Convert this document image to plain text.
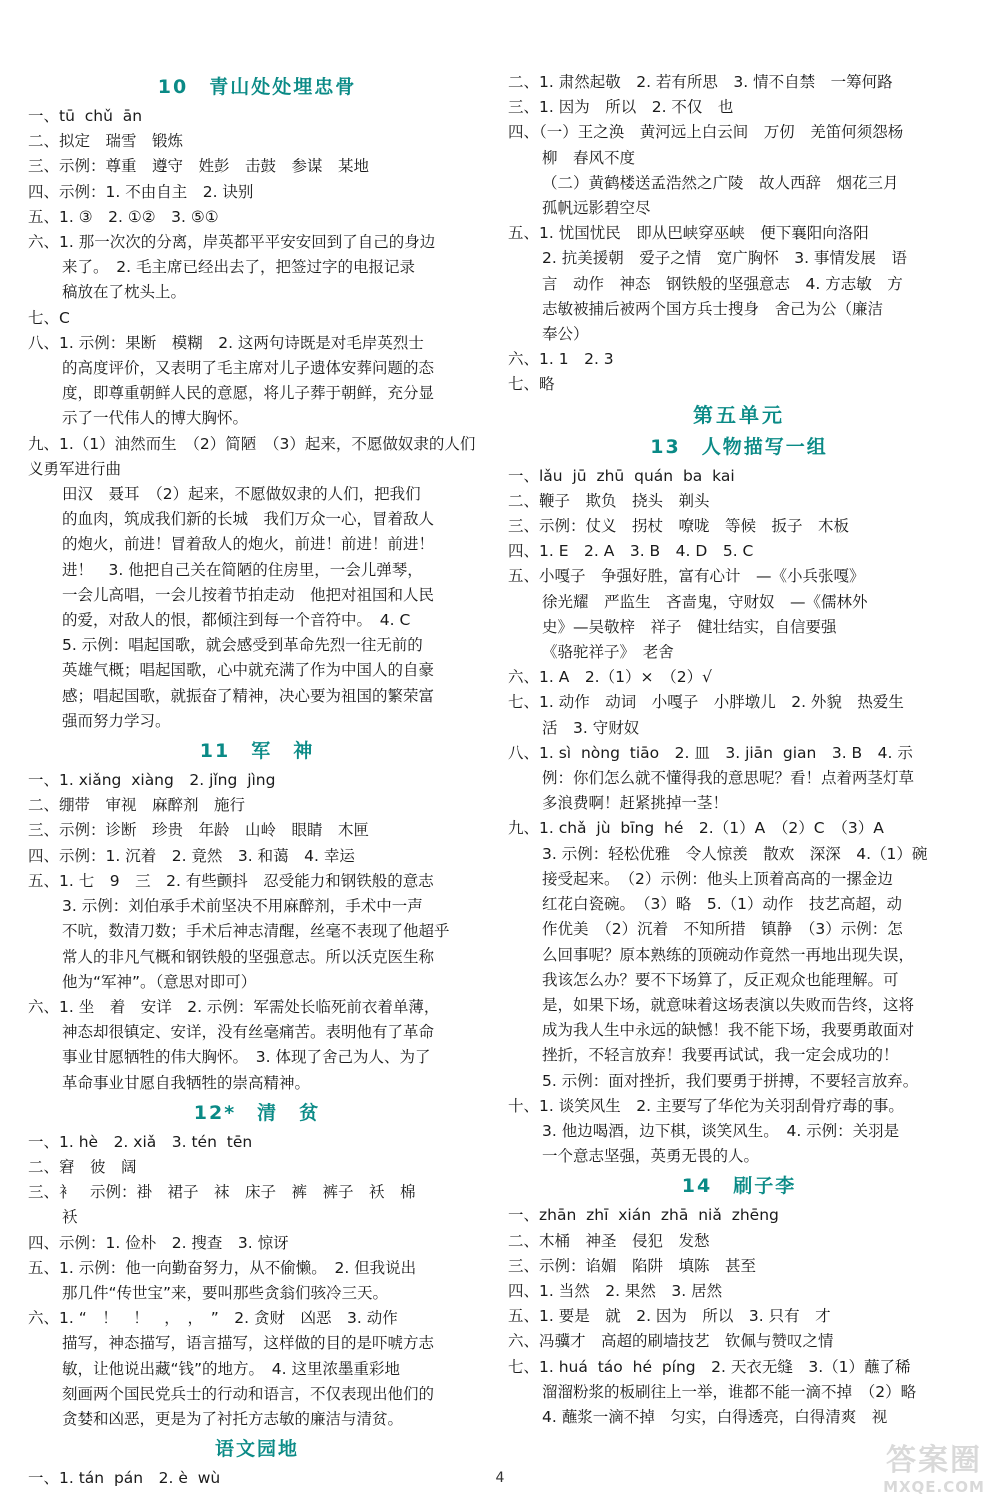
10　青山处处埋忠骨
一、tū  chǔ  ān
二、拟定　瑞雪　锻炼
三、示例：尊重　遵守　姓彭　击鼓　参谋　某地
四、示例：1. 不由自主　2. 诀别
五、1. ③　2. ①②　3. ⑤①
六、1. 那一次次的分离，岸英都平平安安回到了自己的身边
来了。　2. 毛主席已经出去了，把签过字的电报记录
稿放在了枕头上。
七、C
八、1. 示例：果断　模糊　2. 这两句诗既是对毛岸英烈士
的高度评价，又表明了毛主席对儿子遗体安葬问题的态
度，即尊重朝鲜人民的意愿，将儿子葬于朝鲜，充分显
示了一代伟人的博大胸怀。
九、1.（1）油然而生　（2）简陋　（3）起来，不愿做奴隶的人们　义勇军进行曲
田汉　聂耳　（2）起来，不愿做奴隶的人们，把我们
的血肉，筑成我们新的长城　我们万众一心，冒着敌人
的炮火，前进！冒着敌人的炮火，前进！前进！前进！
进！　3. 他把自己关在简陋的住房里，一会儿弹琴，
一会儿高唱，一会儿按着节拍走动　他把对祖国和人民
的爱，对敌人的恨，都倾注到每一个音符中。　4. C
5. 示例：唱起国歌，就会感受到革命先烈一往无前的
英雄气概；唱起国歌，心中就充满了作为中国人的自豪
感；唱起国歌，就振奋了精神，决心要为祖国的繁荣富
强而努力学习。
11　军　神
一、1. xiǎng  xiàng　2. jǐng  jìng
二、绷带　审视　麻醉剂　施行
三、示例：诊断　珍贵　年龄　山岭　眼睛　木匣
四、示例：1. 沉着　2. 竟然　3. 和蔼　4. 幸运
五、1. 七　9　三　2. 有些颤抖　忍受能力和钢铁般的意志
3. 示例：刘伯承手术前坚决不用麻醉剂，手术中一声
不吭，数清刀数；手术后神志清醒，丝毫不表现了他超乎
常人的非凡气概和钢铁般的坚强意志。所以沃克医生称
他为“军神”。（意思对即可）
六、1. 坐　着　安详　2. 示例：军需处长临死前衣着单薄，
神态却很镇定、安详，没有丝毫痛苦。表明他有了革命
事业甘愿牺牲的伟大胸怀。　3. 体现了舍己为人、为了
革命事业甘愿自我牺牲的崇高精神。
12*　清　贫
一、1. hè　2. xiǎ　3. tén  tēn
二、窘　彼　阔
三、衤　示例：褂　裙子　袜　床子　裤　裤子　袄　棉
袄
四、示例：1. 俭朴　2. 搜查　3. 惊讶
五、1. 示例：他一向勤奋努力，从不偷懒。　2. 但我说出
那几件“传世宝”来，要叫那些贪翁们骇冷三天。
六、1. “　！　！　，　，　”　2. 贪财　凶恶　3. 动作
描写，神态描写，语言描写，这样做的目的是吓唬方志
敏，让他说出藏“钱”的地方。　4. 这里浓墨重彩地
刻画两个国民党兵士的行动和语言，不仅表现出他们的
贪婪和凶恶，更是为了衬托方志敏的廉洁与清贫。
语文园地
一、1. tán  pán　2. è  wù
二、1. 肃然起敬　2. 若有所思　3. 情不自禁　一筹何路
三、1. 因为　所以　2. 不仅　也
四、（一）王之涣　黄河远上白云间　万仞　羌笛何须怨杨
柳　春风不度
（二）黄鹤楼送孟浩然之广陵　故人西辞　烟花三月
孤帆远影碧空尽
五、1. 忧国忧民　即从巴峡穿巫峡　便下襄阳向洛阳
2. 抗美援朝　爱子之情　宽广胸怀　3. 事情发展　语
言　动作　神态　钢铁般的坚强意志　4. 方志敏　方
志敏被捕后被两个国方兵士搜身　舍己为公（廉洁
奉公）
六、1. 1　2. 3
七、略
第五单元
13　人物描写一组
一、lǎu  jū  zhū  quán  ba  kai
二、鞭子　欺负　挠头　剃头
三、示例：仗义　拐杖　嘹咙　等候　扳子　木板
四、1. E　2. A　3. B　4. D　5. C
五、小嘎子　争强好胜，富有心计　—《小兵张嘎》
徐光耀　严监生　吝啬鬼，守财奴　—《儒林外
史》—吴敬梓　祥子　健壮结实，自信要强
《骆驼祥子》　老舍
六、1. A　2.（1）×　（2）√
七、1. 动作　动词　小嘎子　小胖墩儿　2. 外貌　热爱生
活　3. 守财奴
八、1. sì  nòng  tiāo　2. 皿　3. jiān  gian　3. B　4. 示
例：你们怎么就不懂得我的意思呢？看！点着两茎灯草
多浪费啊！赶紧挑掉一茎！
九、1. chǎ  jù  bīng  hé　2.（1）A　（2）C　（3）A
3. 示例：轻松优雅　令人惊羡　散欢　深深　4.（1）碗
接受起来。　（2）示例：他头上顶着高高的一摞金边
红花白瓷碗。　（3）略　5.（1）动作　技艺高超，动
作优美　（2）沉着　不知所措　镇静　（3）示例：怎
么回事呢？原本熟练的顶碗动作竟然一再地出现失误，
我该怎么办？要不下场算了，反正观众也能理解。可
是，如果下场，就意味着这场表演以失败而告终，这将
成为我人生中永远的缺憾！我不能下场，我要勇敢面对
挫折，不轻言放弃！我要再试试，我一定会成功的！
5. 示例：面对挫折，我们要勇于拼搏，不要轻言放弃。
十、1. 谈笑风生　2. 主要写了华佗为关羽刮骨疗毒的事。
3. 他边喝酒，边下棋，谈笑风生。　4. 示例：关羽是
一个意志坚强，英勇无畏的人。
14　刷子李
一、zhān  zhī  xián  zhā  niǎ  zhēng
二、木桶　神圣　侵犯　发愁
三、示例：谄媚　陷阱　填陈　甚至
四、1. 当然　2. 果然　3. 居然
五、1. 要是　就　2. 因为　所以　3. 只有　才
六、冯骥才　高超的刷墙技艺　钦佩与赞叹之情
七、1. huá  táo  hé  píng　2. 天衣无缝　3.（1）蘸了稀
溜溜粉浆的板刷往上一举，谁都不能一滴不掉　（2）略
4. 蘸浆一滴不掉　匀实，白得透亮，白得清爽　视
4	答案圈
MXQE.COM
